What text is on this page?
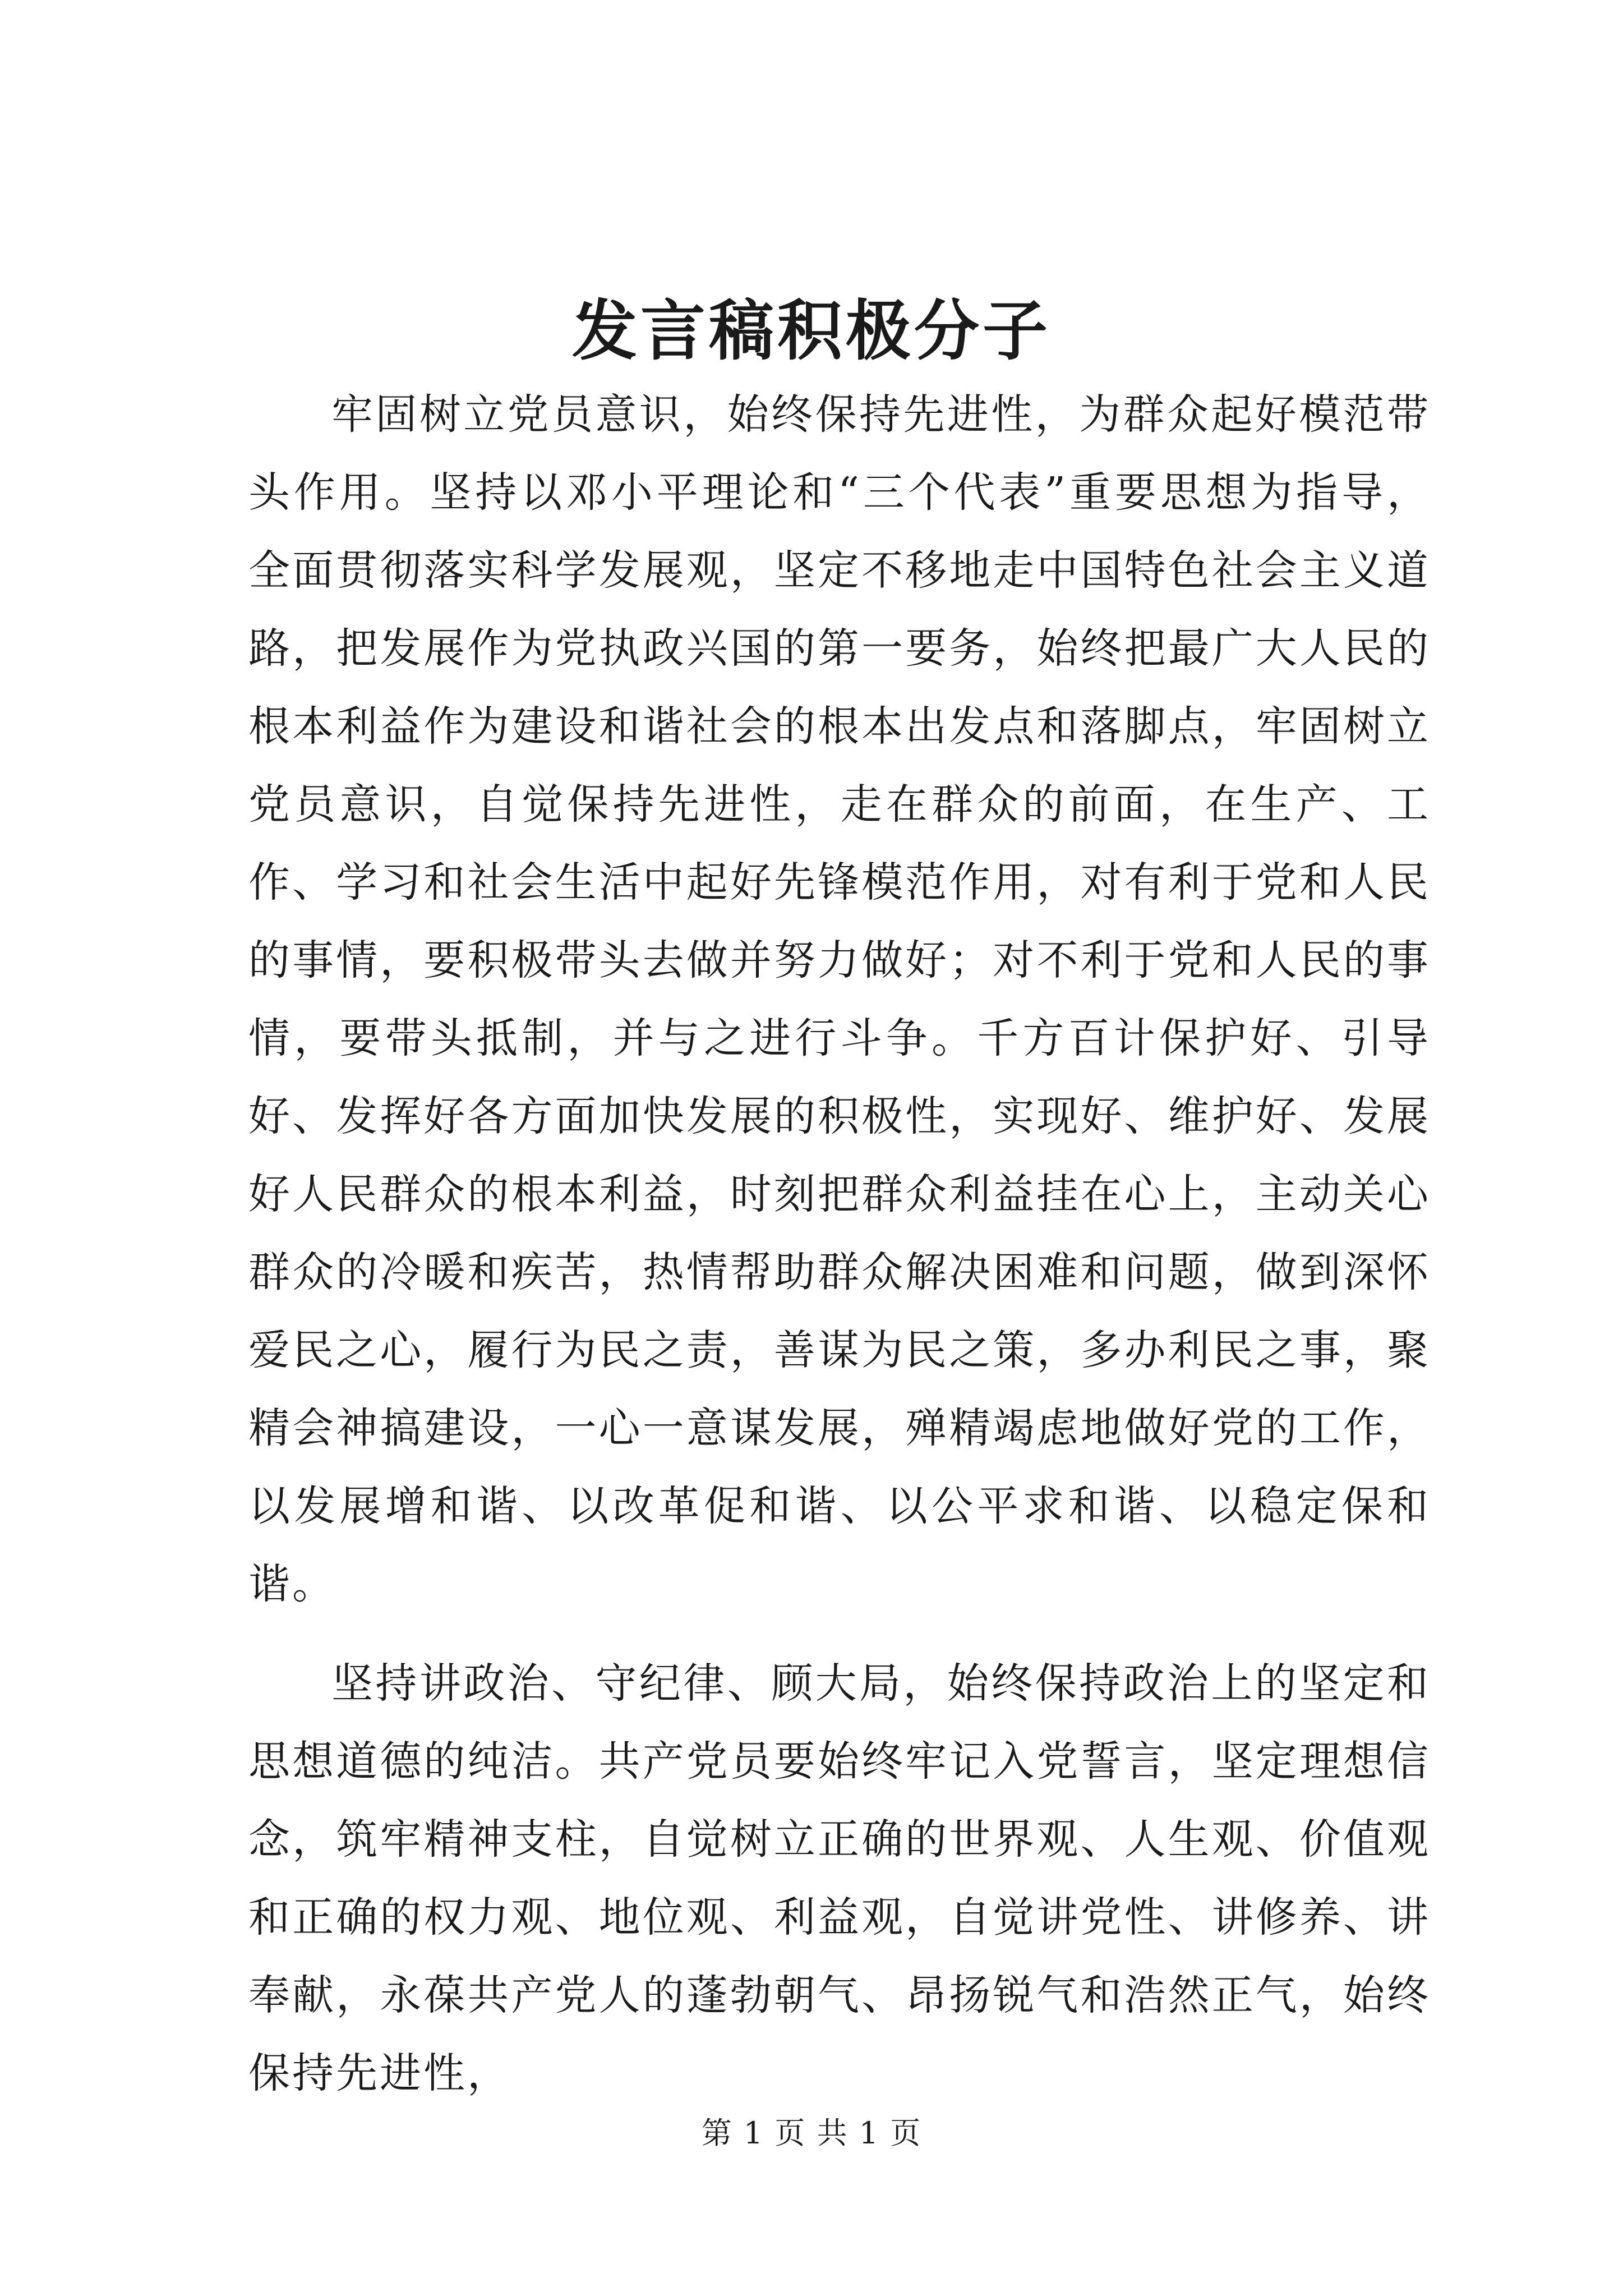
发言稿积极分子

牢固树立党员意识，始终保持先进性，为群众起好模范带头作用。坚持以邓小平理论和“三个代表”重要思想为指导，全面贯彻落实科学发展观，坚定不移地走中国特色社会主义道路，把发展作为党执政兴国的第一要务，始终把最广大人民的根本利益作为建设和谐社会的根本出发点和落脚点，牢固树立党员意识，自觉保持先进性，走在群众的前面，在生产、工作、学习和社会生活中起好先锋模范作用，对有利于党和人民的事情，要积极带头去做并努力做好；对不利于党和人民的事情，要带头抵制，并与之进行斗争。千方百计保护好、引导好、发挥好各方面加快发展的积极性，实现好、维护好、发展好人民群众的根本利益，时刻把群众利益挂在心上，主动关心群众的冷暖和疾苦，热情帮助群众解决困难和问题，做到深怀爱民之心，履行为民之责，善谋为民之策，多办利民之事，聚精会神搞建设，一心一意谋发展，殚精竭虑地做好党的工作，以发展增和谐、以改革促和谐、以公平求和谐、以稳定保和谐。

坚持讲政治、守纪律、顾大局，始终保持政治上的坚定和思想道德的纯洁。共产党员要始终牢记入党誓言，坚定理想信念，筑牢精神支柱，自觉树立正确的世界观、人生观、价值观和正确的权力观、地位观、利益观，自觉讲党性、讲修养、讲奉献，永葆共产党人的蓬勃朝气、昂扬锐气和浩然正气，始终保持先进性，

第 1 页 共 1 页
